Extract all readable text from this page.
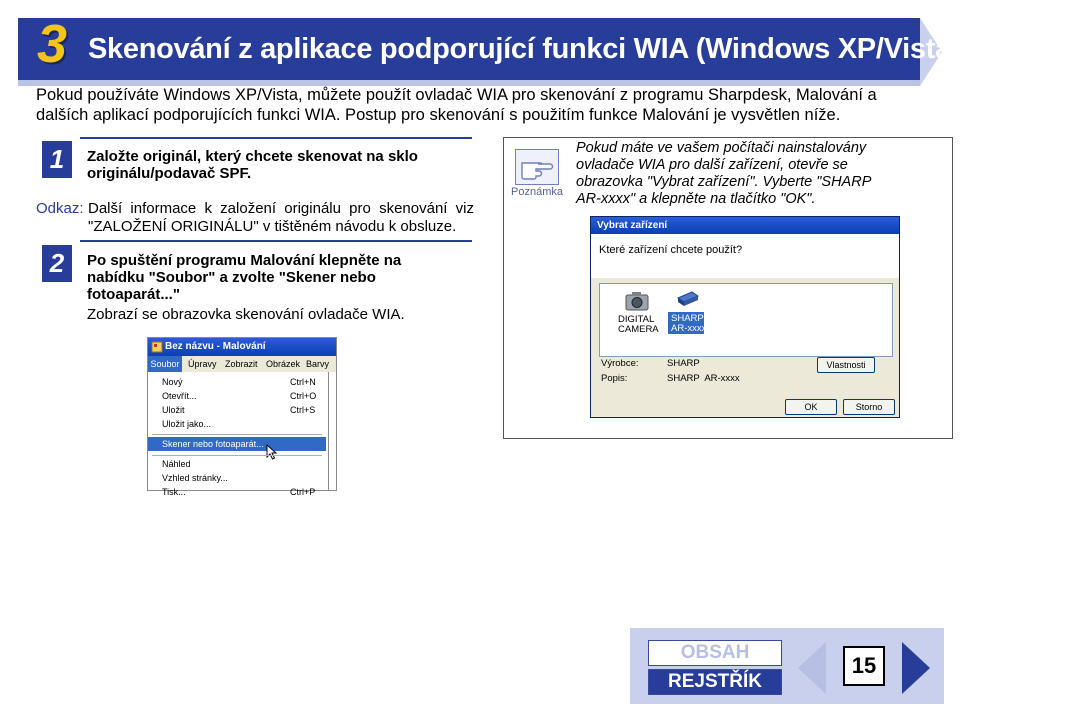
3 Skenování z aplikace podporující funkci WIA (Windows XP/Vista) (část 1)
Pokud používáte Windows XP/Vista, můžete použít ovladač WIA pro skenování z programu Sharpdesk, Malování a dalších aplikací podporujících funkci WIA. Postup pro skenování s použitím funkce Malování je vysvětlen níže.
1	Založte originál, který chcete skenovat na sklo originálu/podavač SPF.
Odkaz: Další informace k založení originálu pro skenování viz "ZALOŽENÍ ORIGINÁLU" v tištěném návodu k obsluze.
2	Po spuštění programu Malování klepněte na nabídku "Soubor" a zvolte "Skener nebo fotoaparát..."
Zobrazí se obrazovka skenování ovladače WIA.
Poznámka
Pokud máte ve vašem počítači nainstalovány ovladače WIA pro další zařízení, otevře se obrazovka "Vybrat zařízení". Vyberte "SHARP AR-xxxx" a klepněte na tlačítko "OK".
Vybrat zařízení
Které zařízení chcete použít?
DIGITAL
CAMERA
SHARP
AR-xxxx
Výrobce:	SHARP
Popis:	SHARP  AR-xxxx
Vlastnosti
OK	Storno
Bez názvu - Malování
Soubor Úpravy Zobrazit Obrázek Barvy
Nový	Ctrl+N
Otevřít...	Ctrl+O
Uložit	Ctrl+S
Uložit jako...
Skener nebo fotoaparát...
Náhled
Vzhled stránky...
Tisk...	Ctrl+P
OBSAH
REJSTŘÍK
15
